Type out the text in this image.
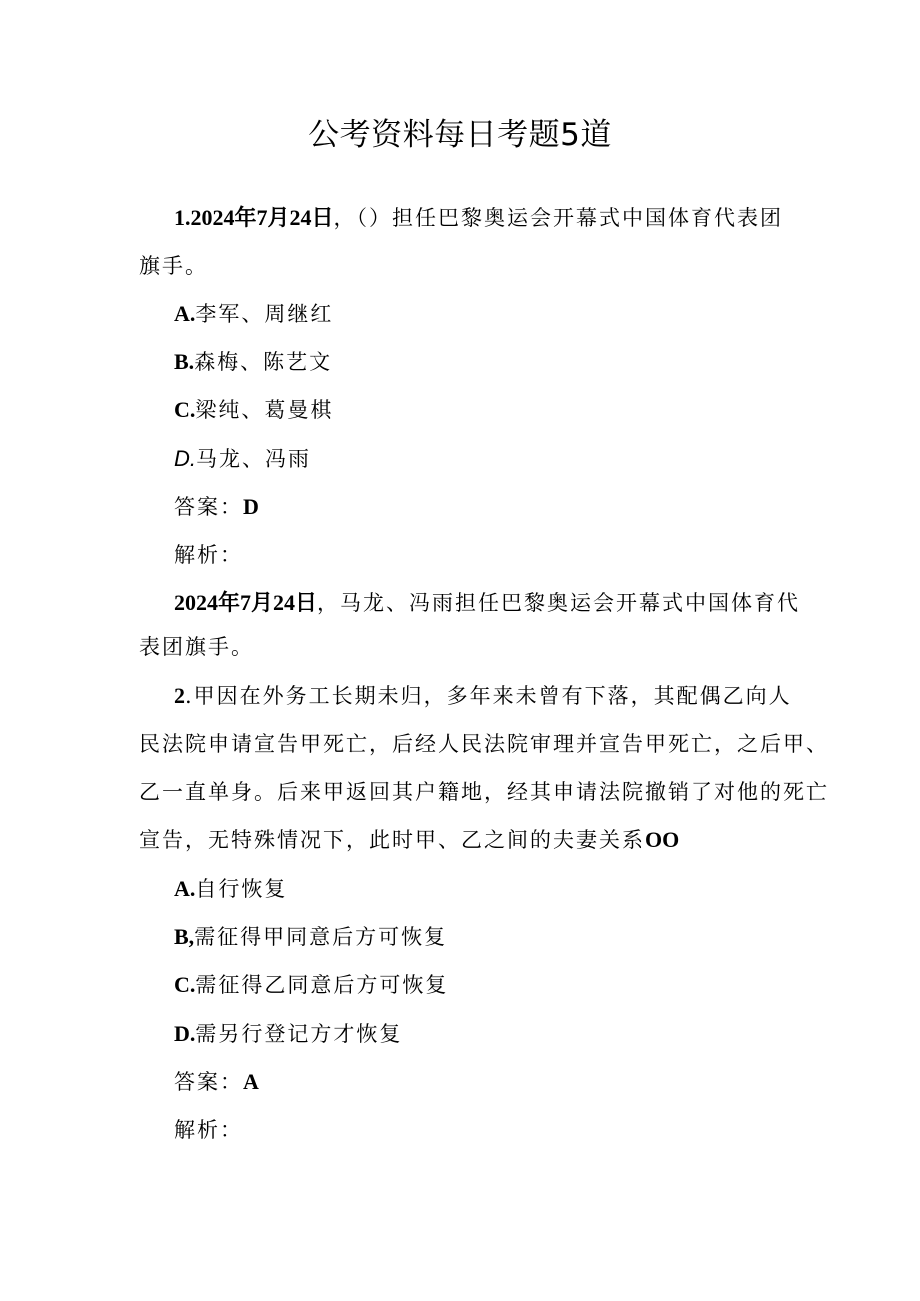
公考资料每日考题5道
1.2024年7月24日，（）担任巴黎奥运会开幕式中国体育代表团
旗手。
A.李军、周继红
B.森梅、陈艺文
C.梁纯、葛曼棋
D.马龙、冯雨
答案：D
解析：
2024年7月24日，马龙、冯雨担任巴黎奥运会开幕式中国体育代
表团旗手。
2.甲因在外务工长期未归，多年来未曾有下落，其配偶乙向人
民法院申请宣告甲死亡，后经人民法院审理并宣告甲死亡，之后甲、
乙一直单身。后来甲返回其户籍地，经其申请法院撤销了对他的死亡
宣告，无特殊情况下，此时甲、乙之间的夫妻关系OO
A.自行恢复
B,需征得甲同意后方可恢复
C.需征得乙同意后方可恢复
D.需另行登记方才恢复
答案：A
解析：
